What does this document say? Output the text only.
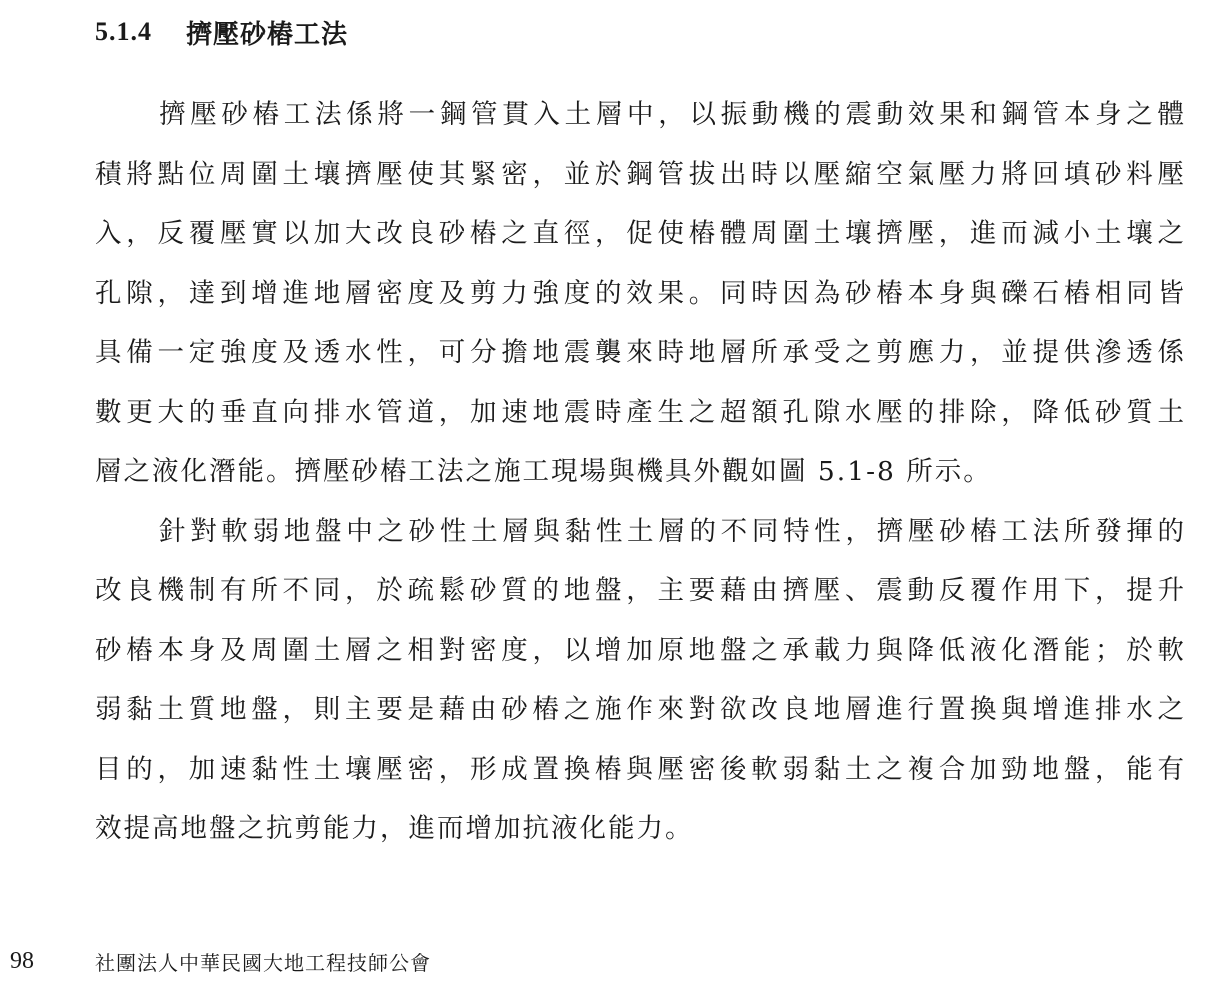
5.1.4 擠壓砂樁工法
擠壓砂樁工法係將一鋼管貫入土層中，以振動機的震動效果和鋼管本身之體
積將點位周圍土壤擠壓使其緊密，並於鋼管拔出時以壓縮空氣壓力將回填砂料壓
入，反覆壓實以加大改良砂樁之直徑，促使樁體周圍土壤擠壓，進而減小土壤之
孔隙，達到增進地層密度及剪力強度的效果。同時因為砂樁本身與礫石樁相同皆
具備一定強度及透水性，可分擔地震襲來時地層所承受之剪應力，並提供滲透係
數更大的垂直向排水管道，加速地震時產生之超額孔隙水壓的排除，降低砂質土
層之液化潛能。擠壓砂樁工法之施工現場與機具外觀如圖 5.1-8 所示。
針對軟弱地盤中之砂性土層與黏性土層的不同特性，擠壓砂樁工法所發揮的
改良機制有所不同，於疏鬆砂質的地盤，主要藉由擠壓、震動反覆作用下，提升
砂樁本身及周圍土層之相對密度，以增加原地盤之承載力與降低液化潛能；於軟
弱黏土質地盤，則主要是藉由砂樁之施作來對欲改良地層進行置換與增進排水之
目的，加速黏性土壤壓密，形成置換樁與壓密後軟弱黏土之複合加勁地盤，能有
效提高地盤之抗剪能力，進而增加抗液化能力。
98	社團法人中華民國大地工程技師公會
